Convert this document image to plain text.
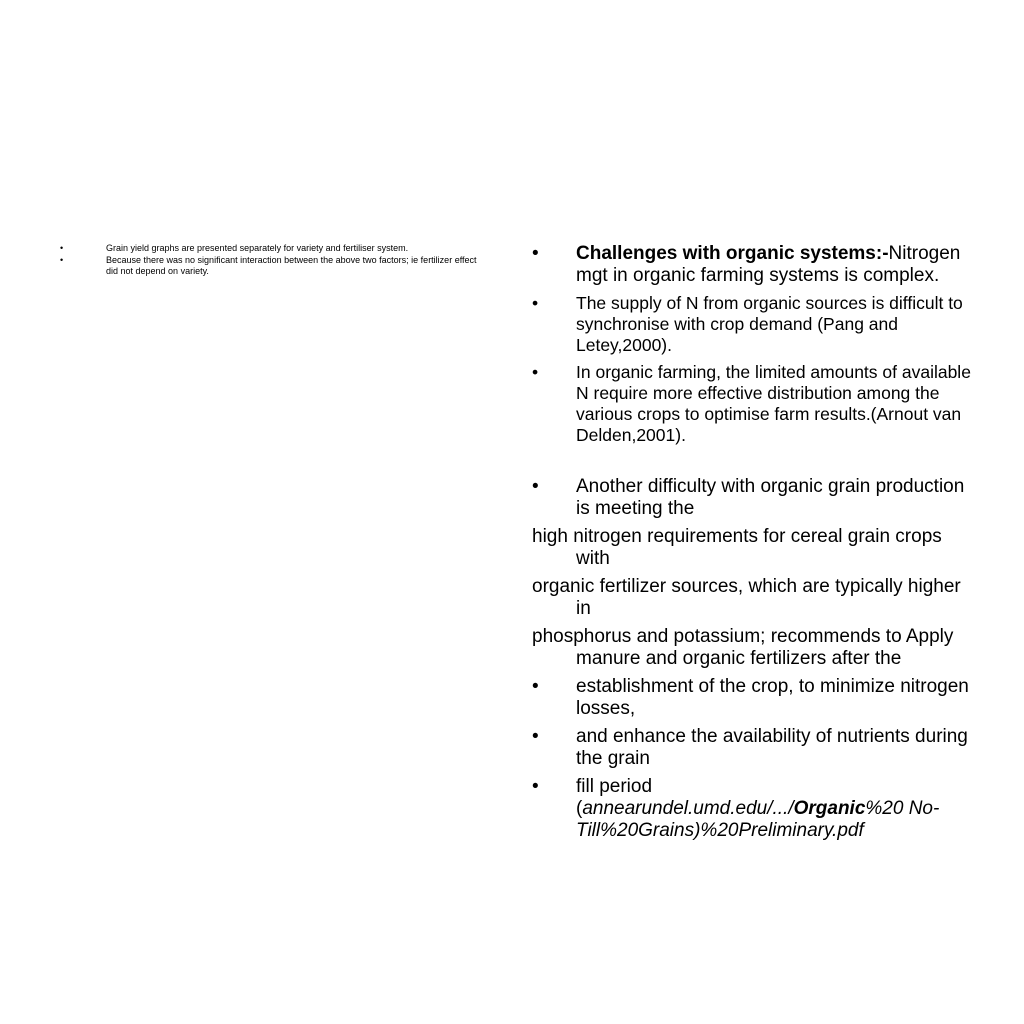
•	Grain yield graphs are presented separately for variety and fertiliser system.
•	Because there was no significant interaction between the above two factors; ie fertilizer effect did not depend on variety.
• Challenges with organic systems:-Nitrogen mgt in organic farming systems is complex.
• The supply of N from organic sources is difficult to synchronise with crop demand (Pang and Letey,2000).
• In organic farming, the limited amounts of available N require more effective distribution among the various crops to optimise farm results.(Arnout van Delden,2001).
• Another difficulty with organic grain production is meeting the
high nitrogen requirements for cereal grain crops with
organic fertilizer sources, which are typically higher in
phosphorus and potassium; recommends to Apply manure and organic fertilizers after the
• establishment of the crop, to minimize nitrogen losses,
• and enhance the availability of nutrients during the grain
• fill period (annearundel.umd.edu/.../Organic%20 No-Till%20Grains)%20Preliminary.pdf
